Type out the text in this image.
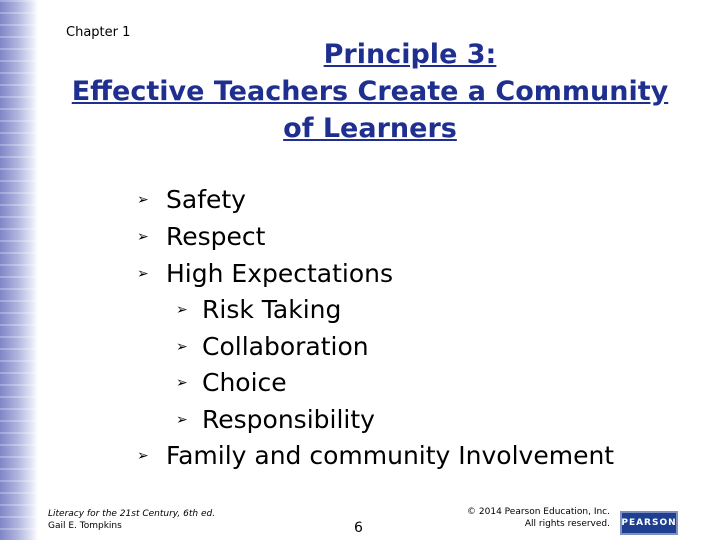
Chapter 1
Principle 3:
Effective Teachers Create a Community
of Learners
➢ Safety
➢ Respect
➢ High Expectations
➢ Risk Taking
➢ Collaboration
➢ Choice
➢ Responsibility
➢ Family and community Involvement
Literacy for the 21st Century, 6th ed.
Gail E. Tompkins	6
© 2014 Pearson Education, Inc.
All rights reserved. PEARSON
